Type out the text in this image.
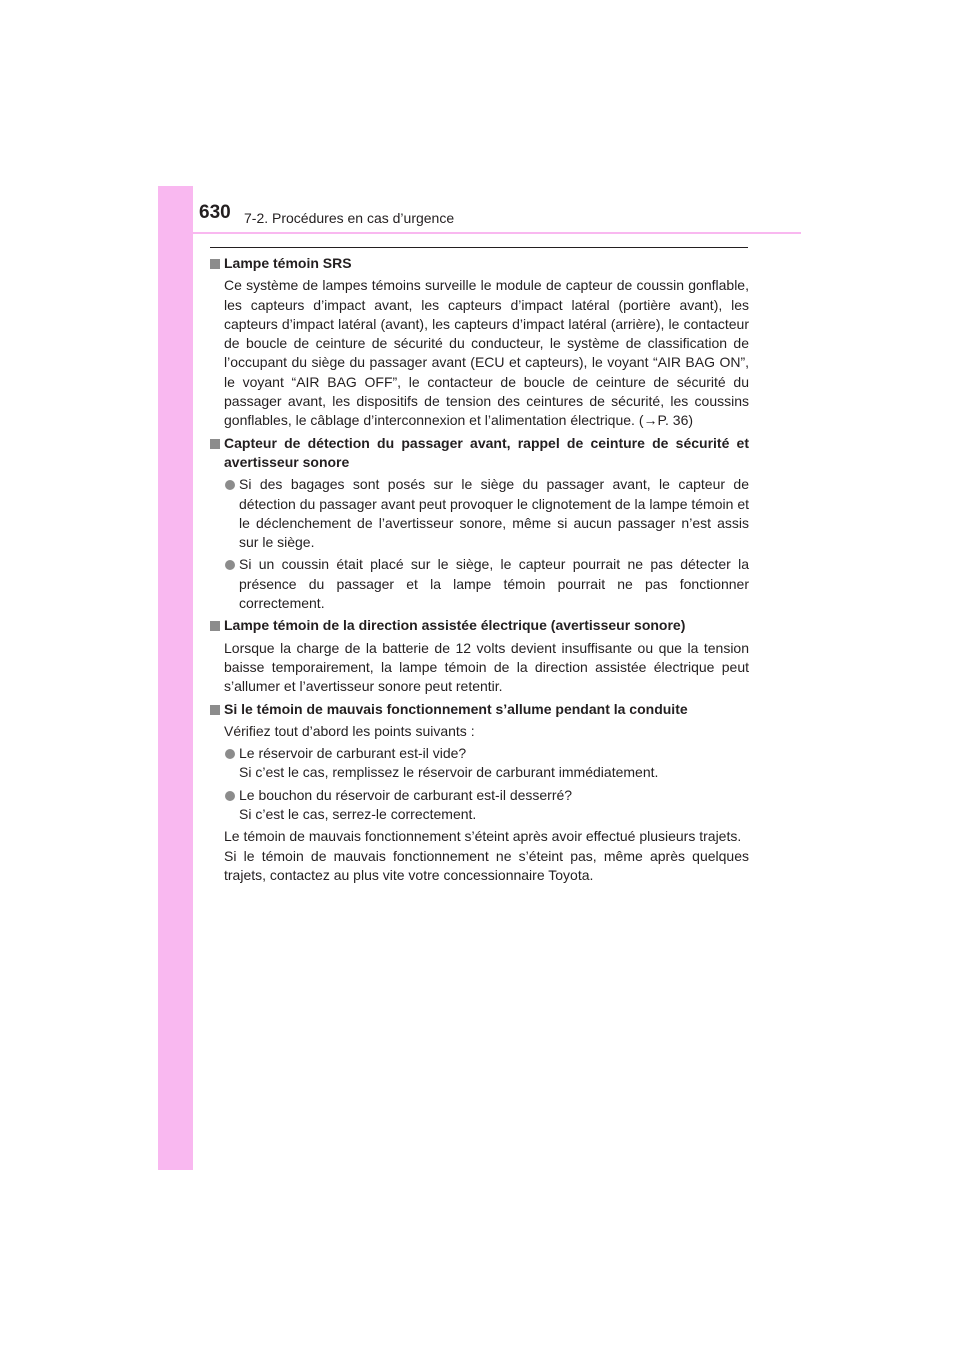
630 7-2. Procédures en cas d’urgence
Lampe témoin SRS
Ce système de lampes témoins surveille le module de capteur de coussin gonflable, les capteurs d’impact avant, les capteurs d’impact latéral (portière avant), les capteurs d’impact latéral (avant), les capteurs d’impact latéral (arrière), le contacteur de boucle de ceinture de sécurité du conducteur, le système de classification de l’occupant du siège du passager avant (ECU et capteurs), le voyant “AIR BAG ON”, le voyant “AIR BAG OFF”, le contacteur de boucle de ceinture de sécurité du passager avant, les dispositifs de tension des ceintures de sécurité, les coussins gonflables, le câblage d’interconnexion et l’alimentation électrique. (→P. 36)
Capteur de détection du passager avant, rappel de ceinture de sécurité et avertisseur sonore
Si des bagages sont posés sur le siège du passager avant, le capteur de détection du passager avant peut provoquer le clignotement de la lampe témoin et le déclenchement de l’avertisseur sonore, même si aucun passager n’est assis sur le siège.
Si un coussin était placé sur le siège, le capteur pourrait ne pas détecter la présence du passager et la lampe témoin pourrait ne pas fonctionner correctement.
Lampe témoin de la direction assistée électrique (avertisseur sonore)
Lorsque la charge de la batterie de 12 volts devient insuffisante ou que la tension baisse temporairement, la lampe témoin de la direction assistée électrique peut s’allumer et l’avertisseur sonore peut retentir.
Si le témoin de mauvais fonctionnement s’allume pendant la conduite
Vérifiez tout d’abord les points suivants :
Le réservoir de carburant est-il vide?
Si c’est le cas, remplissez le réservoir de carburant immédiatement.
Le bouchon du réservoir de carburant est-il desserré?
Si c’est le cas, serrez-le correctement.
Le témoin de mauvais fonctionnement s’éteint après avoir effectué plusieurs trajets.
Si le témoin de mauvais fonctionnement ne s’éteint pas, même après quelques trajets, contactez au plus vite votre concessionnaire Toyota.
